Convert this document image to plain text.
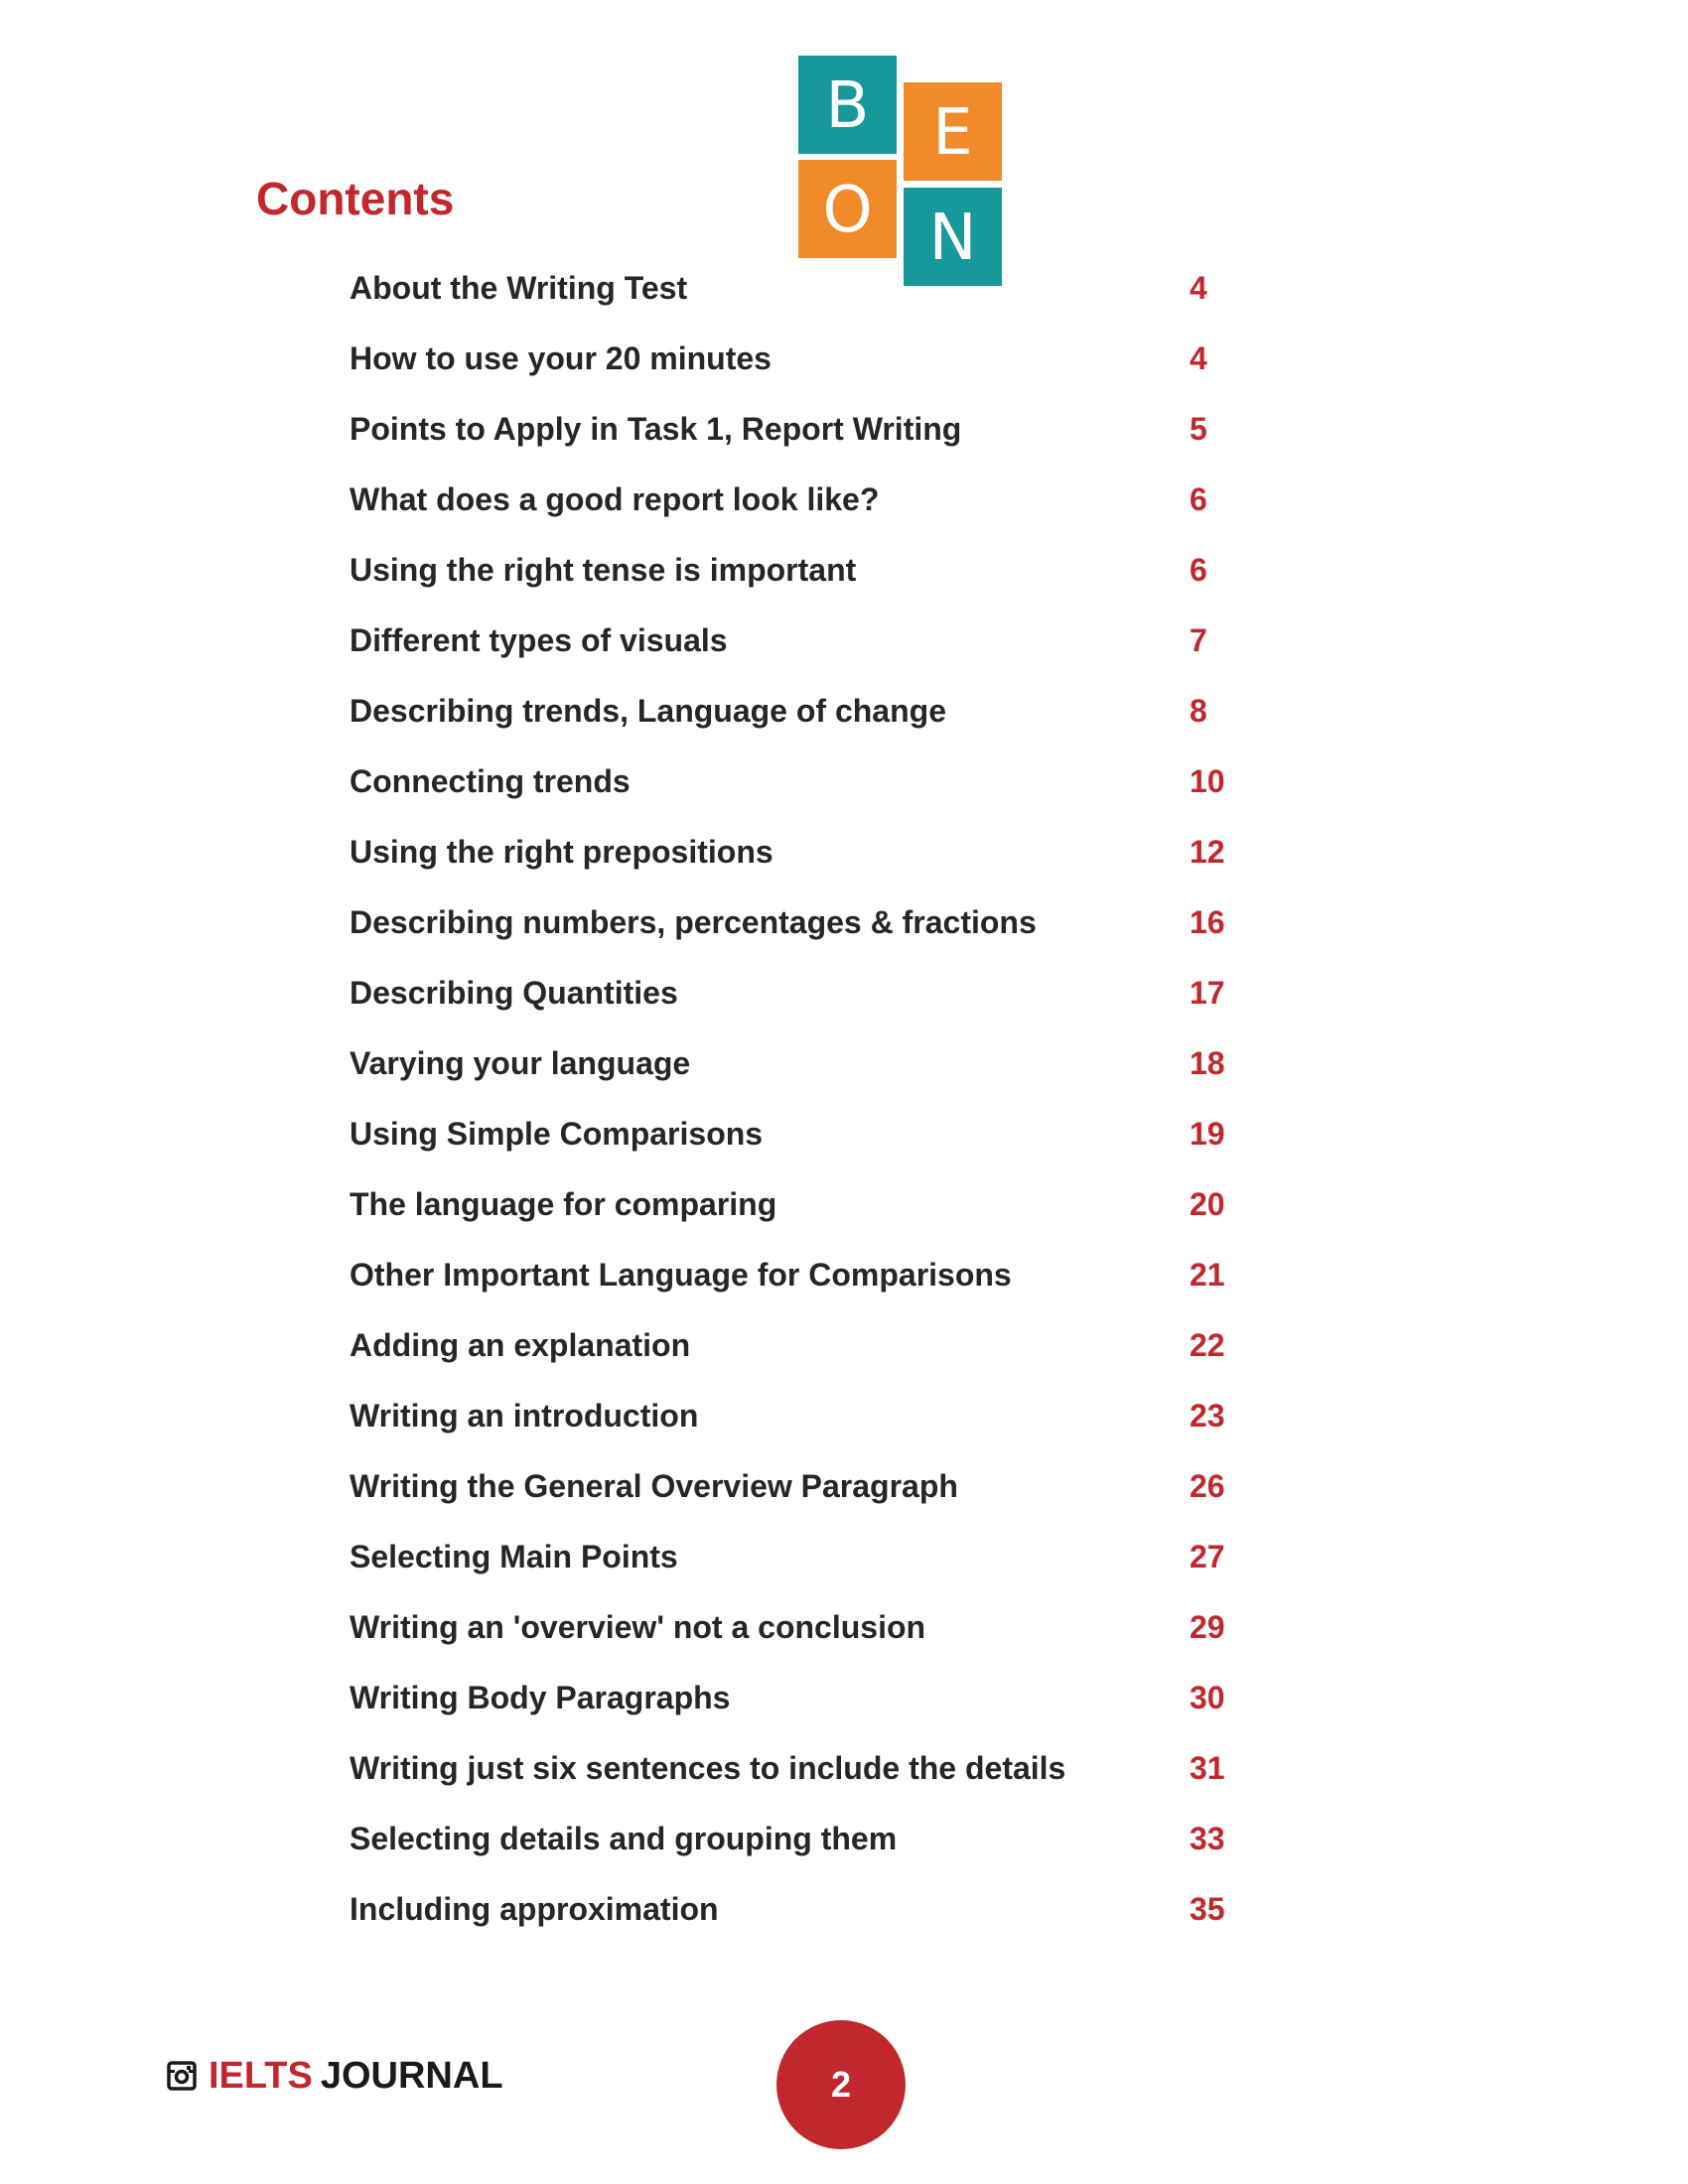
B E
O N
Contents
About the Writing Test	4
How to use your 20 minutes	4
Points to Apply in Task 1, Report Writing	5
What does a good report look like?	6
Using the right tense is important	6
Different types of visuals	7
Describing trends, Language of change	8
Connecting trends	10
Using the right prepositions	12
Describing numbers, percentages & fractions	16
Describing Quantities	17
Varying your language	18
Using Simple Comparisons	19
The language for comparing	20
Other Important Language for Comparisons	21
Adding an explanation	22
Writing an introduction	23
Writing the General Overview Paragraph	26
Selecting Main Points	27
Writing an 'overview' not a conclusion	29
Writing Body Paragraphs	30
Writing just six sentences to include the details	31
Selecting details and grouping them	33
Including approximation	35
IELTS JOURNAL	2
